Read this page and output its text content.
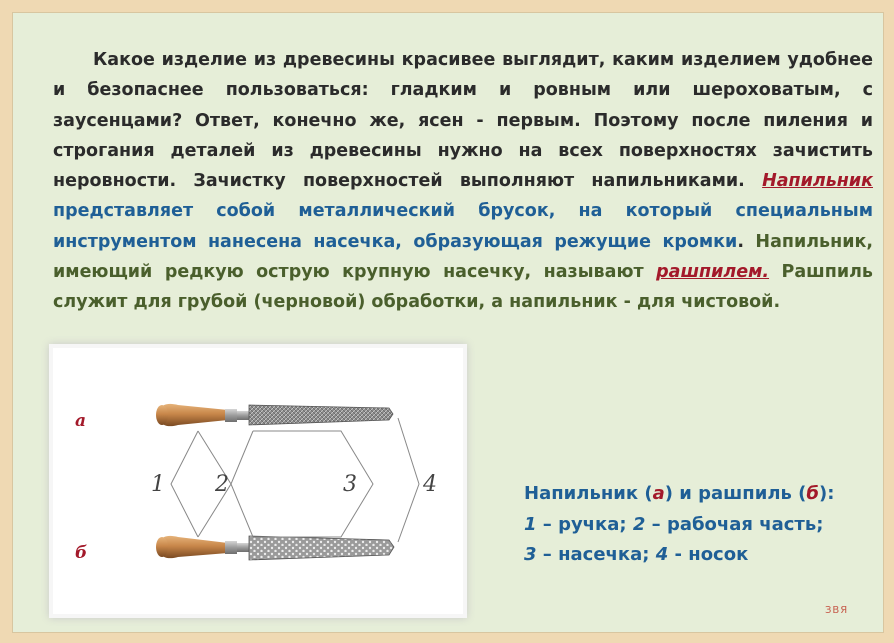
Какое изделие из древесины красивее выглядит, каким изделием удобнее и безопаснее пользоваться: гладким и ровным или шероховатым, с заусенцами? Ответ, конечно же, ясен - первым. Поэтому после пиления и строгания деталей из древесины нужно на всех поверхностях зачистить неровности. Зачистку поверхностей выполняют напильниками. Напильник представляет собой металлический брусок, на который специальным инструментом нанесена насечка, образующая режущие кромки. Напильник, имеющий редкую острую крупную насечку, называют рашпилем. Рашпиль служит для грубой (черновой) обработки, а напильник - для чистовой.

а
б
1 2	3	4	Напильник (а) и рашпиль (б):
1 – ручка; 2 – рабочая часть;
3 – насечка; 4 - носок
ЗВЯ
